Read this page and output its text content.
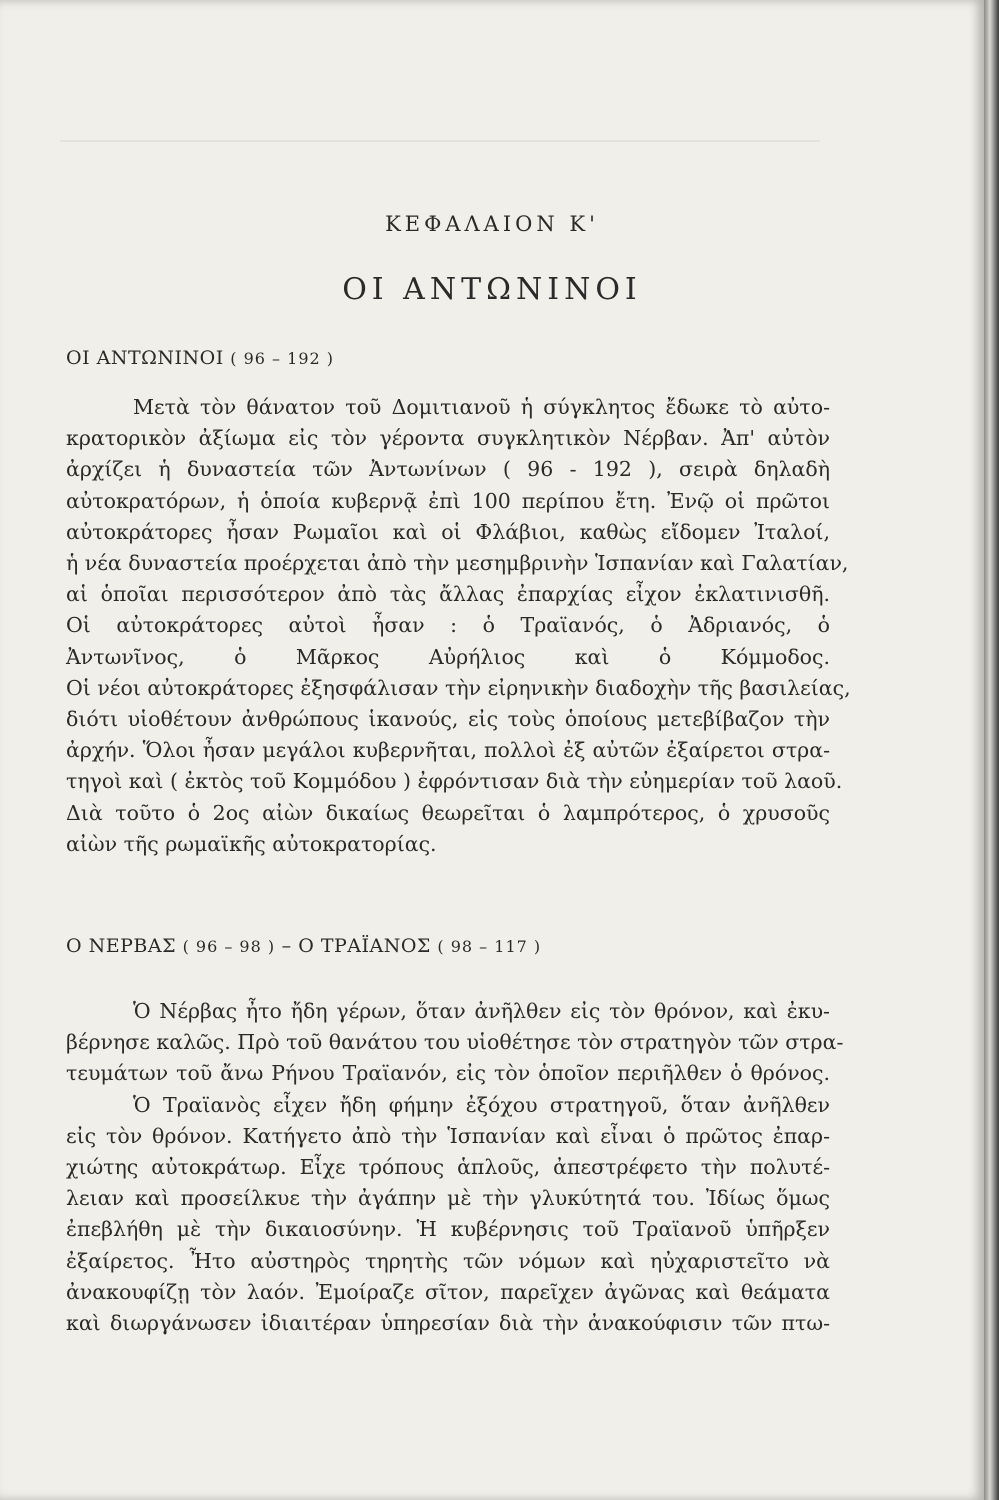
ΚΕΦΑΛΑΙΟΝ Κ'
ΟΙ ΑΝΤΩΝΙΝΟΙ
ΟΙ ΑΝΤΩΝΙΝΟΙ ( 96 – 192 )
Μετὰ τὸν θάνατον τοῦ Δομιτιανοῦ ἡ σύγκλητος ἔδωκε τὸ αὐτο-
κρατορικὸν ἀξίωμα εἰς τὸν γέροντα συγκλητικὸν Νέρβαν. Ἀπ' αὐτὸν
ἀρχίζει ἡ δυναστεία τῶν Ἀντωνίνων ( 96 - 192 ), σειρὰ δηλαδὴ
αὐτοκρατόρων, ἡ ὁποία κυβερνᾷ ἐπὶ 100 περίπου ἔτη. Ἐνῷ οἱ πρῶτοι
αὐτοκράτορες ἦσαν Ρωμαῖοι καὶ οἱ Φλάβιοι, καθὼς εἴδομεν Ἰταλοί,
ἡ νέα δυναστεία προέρχεται ἀπὸ τὴν μεσημβρινὴν Ἱσπανίαν καὶ Γαλατίαν,
αἱ ὁποῖαι περισσότερον ἀπὸ τὰς ἄλλας ἐπαρχίας εἶχον ἐκλατινισθῆ.
Οἱ αὐτοκράτορες αὐτοὶ ἦσαν : ὁ Τραϊανός, ὁ Ἀδριανός, ὁ
Ἀντωνῖνος, ὁ Μᾶρκος Αὐρήλιος καὶ ὁ Κόμμοδος.
Οἱ νέοι αὐτοκράτορες ἐξησφάλισαν τὴν εἰρηνικὴν διαδοχὴν τῆς βασιλείας,
διότι υἱοθέτουν ἀνθρώπους ἱκανούς, εἰς τοὺς ὁποίους μετεβίβαζον τὴν
ἀρχήν. Ὅλοι ἦσαν μεγάλοι κυβερνῆται, πολλοὶ ἐξ αὐτῶν ἐξαίρετοι στρα-
τηγοὶ καὶ ( ἐκτὸς τοῦ Κομμόδου ) ἐφρόντισαν διὰ τὴν εὐημερίαν τοῦ λαοῦ.
Διὰ τοῦτο ὁ 2ος αἰὼν δικαίως θεωρεῖται ὁ λαμπρότερος, ὁ χρυσοῦς
αἰὼν τῆς ρωμαϊκῆς αὐτοκρατορίας.
Ο ΝΕΡΒΑΣ ( 96 – 98 ) – Ο ΤΡΑΪΑΝΟΣ ( 98 – 117 )
Ὁ Νέρβας ἦτο ἤδη γέρων, ὅταν ἀνῆλθεν εἰς τὸν θρόνον, καὶ ἐκυ-
βέρνησε καλῶς. Πρὸ τοῦ θανάτου του υἱοθέτησε τὸν στρατηγὸν τῶν στρα-
τευμάτων τοῦ ἄνω Ρήνου Τραϊανόν, εἰς τὸν ὁποῖον περιῆλθεν ὁ θρόνος.
Ὁ Τραϊανὸς εἶχεν ἤδη φήμην ἐξόχου στρατηγοῦ, ὅταν ἀνῆλθεν
εἰς τὸν θρόνον. Κατήγετο ἀπὸ τὴν Ἱσπανίαν καὶ εἶναι ὁ πρῶτος ἐπαρ-
χιώτης αὐτοκράτωρ. Εἶχε τρόπους ἁπλοῦς, ἀπεστρέφετο τὴν πολυτέ-
λειαν καὶ προσείλκυε τὴν ἀγάπην μὲ τὴν γλυκύτητά του. Ἰδίως ὅμως
ἐπεβλήθη μὲ τὴν δικαιοσύνην. Ἡ κυβέρνησις τοῦ Τραϊανοῦ ὑπῆρξεν
ἐξαίρετος. Ἦτο αὐστηρὸς τηρητὴς τῶν νόμων καὶ ηὐχαριστεῖτο νὰ
ἀνακουφίζῃ τὸν λαόν. Ἐμοίραζε σῖτον, παρεῖχεν ἀγῶνας καὶ θεάματα
καὶ διωργάνωσεν ἰδιαιτέραν ὑπηρεσίαν διὰ τὴν ἀνακούφισιν τῶν πτω-
